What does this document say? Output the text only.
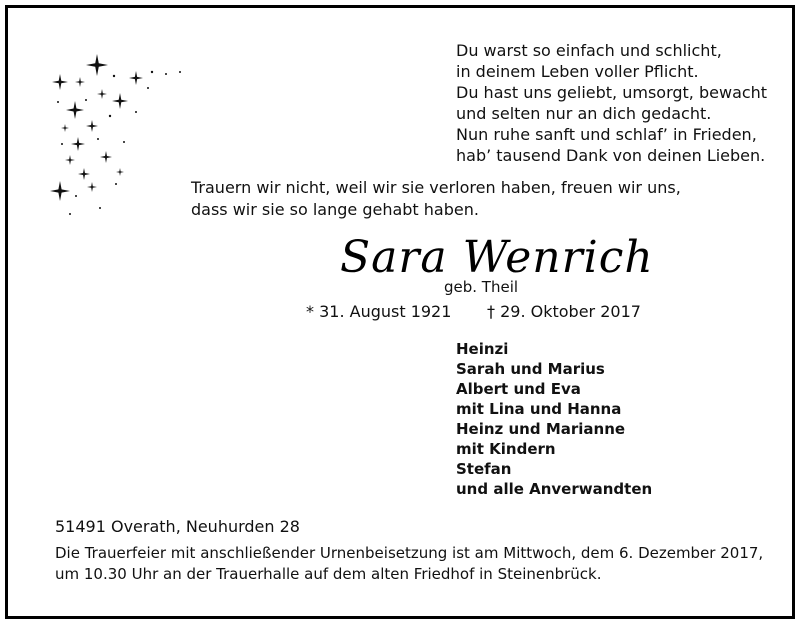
Du warst so einfach und schlicht,
in deinem Leben voller Pflicht.
Du hast uns geliebt, umsorgt, bewacht
und selten nur an dich gedacht.
Nun ruhe sanft und schlaf’ in Frieden,
hab’ tausend Dank von deinen Lieben.
Trauern wir nicht, weil wir sie verloren haben, freuen wir uns,
dass wir sie so lange gehabt haben.
Sara Wenrich
geb. Theil
* 31. August 1921 † 29. Oktober 2017
Heinzi
Sarah und Marius
Albert und Eva
mit Lina und Hanna
Heinz und Marianne
mit Kindern
Stefan
und alle Anverwandten
51491 Overath, Neuhurden 28
Die Trauerfeier mit anschließender Urnenbeisetzung ist am Mittwoch, dem 6. Dezember 2017,
um 10.30 Uhr an der Trauerhalle auf dem alten Friedhof in Steinenbrück.
